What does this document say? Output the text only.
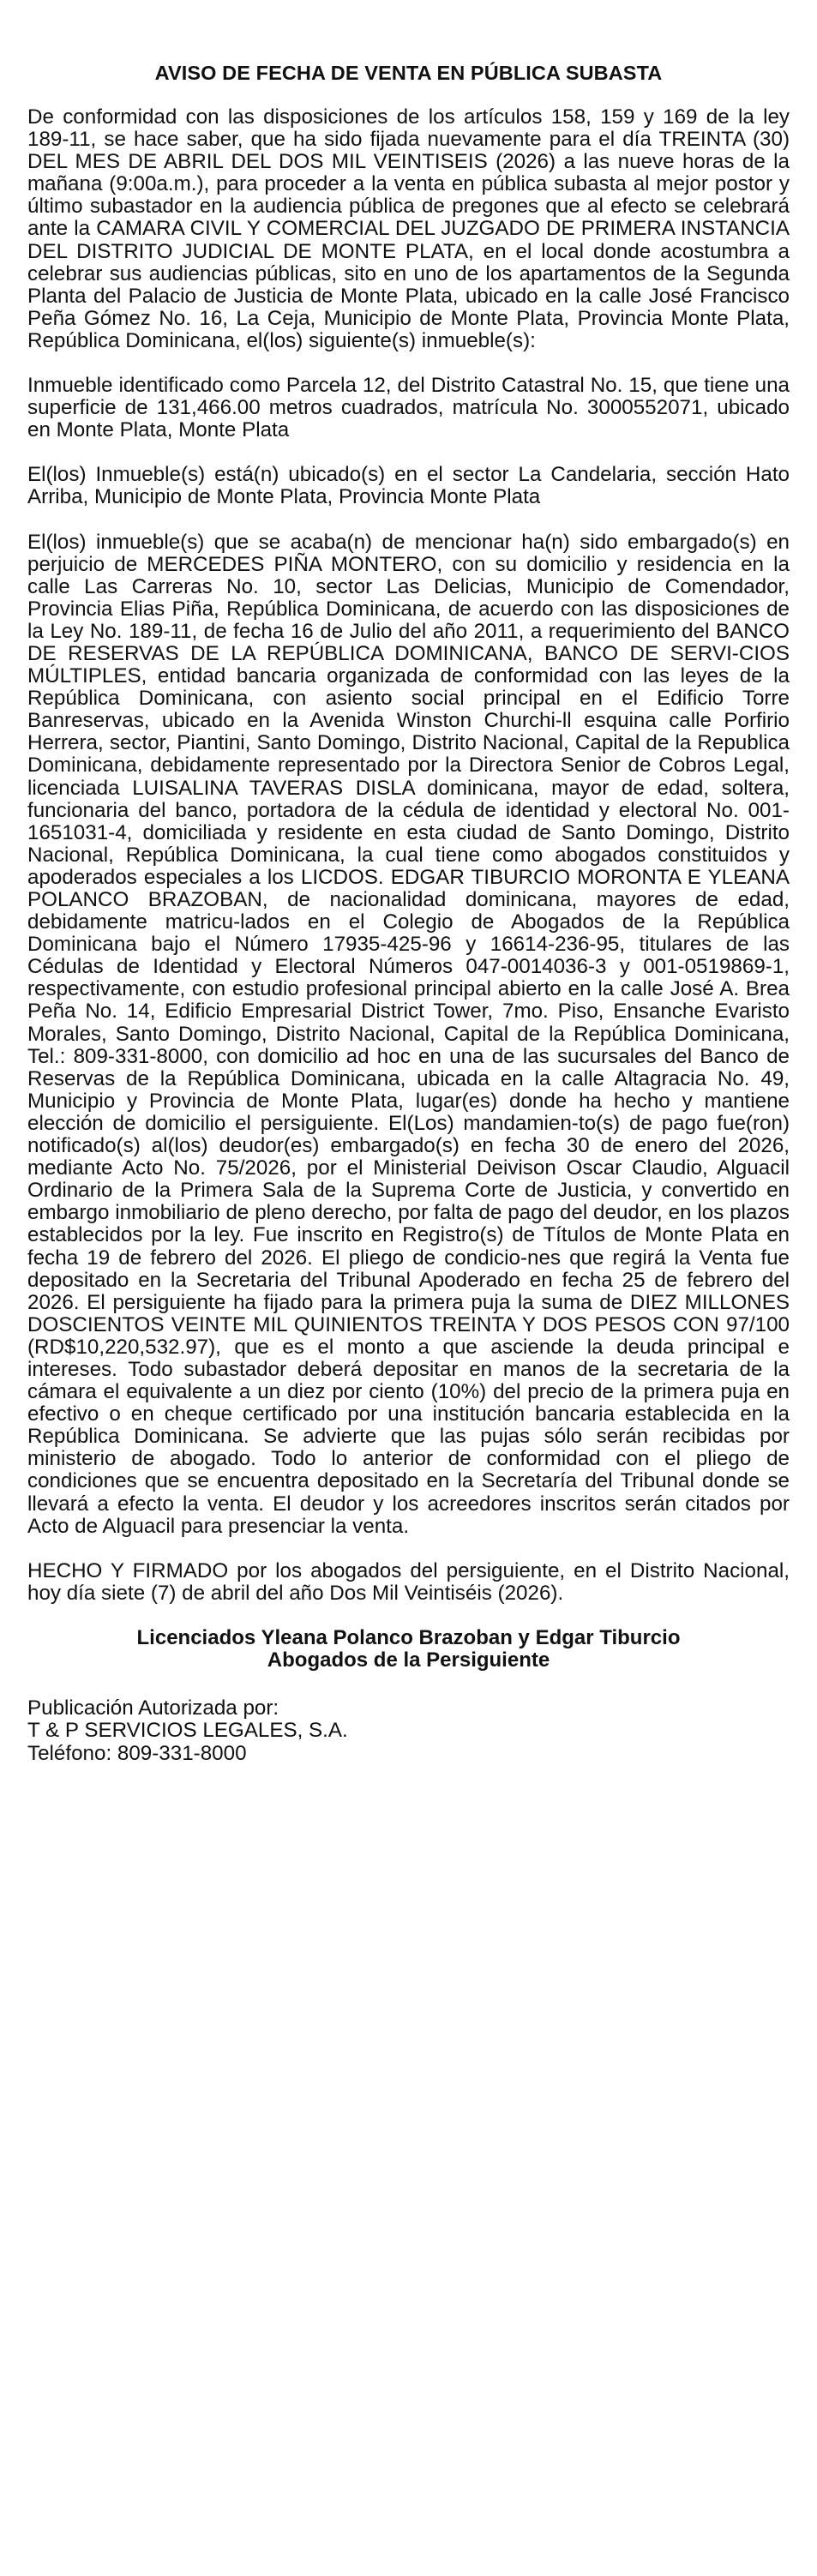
AVISO DE FECHA DE VENTA EN PÚBLICA SUBASTA

De conformidad con las disposiciones de los artículos 158, 159 y 169 de la ley 189-11, se hace saber, que ha sido fijada nuevamente para el día TREINTA (30) DEL MES DE ABRIL DEL DOS MIL VEINTISEIS (2026) a las nueve horas de la mañana (9:00a.m.), para proceder a la venta en pública subasta al mejor postor y último subastador en la audiencia pública de pregones que al efecto se celebrará ante la CAMARA CIVIL Y COMERCIAL DEL JUZGADO DE PRIMERA INSTANCIA DEL DISTRITO JUDICIAL DE MONTE PLATA, en el local donde acostumbra a celebrar sus audiencias públicas, sito en uno de los apartamentos de la Segunda Planta del Palacio de Justicia de Monte Plata, ubicado en la calle José Francisco Peña Gómez No. 16, La Ceja, Municipio de Monte Plata, Provincia Monte Plata, República Dominicana, el(los) siguiente(s) inmueble(s):

Inmueble identificado como Parcela 12, del Distrito Catastral No. 15, que tiene una superficie de 131,466.00 metros cuadrados, matrícula No. 3000552071, ubicado en Monte Plata, Monte Plata

El(los) Inmueble(s) está(n) ubicado(s) en el sector La Candelaria, sección Hato Arriba, Municipio de Monte Plata, Provincia Monte Plata

El(los) inmueble(s) que se acaba(n) de mencionar ha(n) sido embargado(s) en perjuicio de MERCEDES PIÑA MONTERO, con su domicilio y residencia en la calle Las Carreras No. 10, sector Las Delicias, Municipio de Comendador, Provincia Elias Piña, República Dominicana, de acuerdo con las disposiciones de la Ley No. 189-11, de fecha 16 de Julio del año 2011, a requerimiento del BANCO DE RESERVAS DE LA REPÚBLICA DOMINICANA, BANCO DE SERVI-CIOS MÚLTIPLES, entidad bancaria organizada de conformidad con las leyes de la República Dominicana, con asiento social principal en el Edificio Torre Banreservas, ubicado en la Avenida Winston Churchi-ll esquina calle Porfirio Herrera, sector, Piantini, Santo Domingo, Distrito Nacional, Capital de la Republica Dominicana, debidamente representado por la Directora Senior de Cobros Legal, licenciada LUISALINA TAVERAS DISLA dominicana, mayor de edad, soltera, funcionaria del banco, portadora de la cédula de identidad y electoral No. 001-1651031-4, domiciliada y residente en esta ciudad de Santo Domingo, Distrito Nacional, República Dominicana, la cual tiene como abogados constituidos y apoderados especiales a los LICDOS. EDGAR TIBURCIO MORONTA E YLEANA POLANCO BRAZOBAN, de nacionalidad dominicana, mayores de edad, debidamente matricu-lados en el Colegio de Abogados de la República Dominicana bajo el Número 17935-425-96 y 16614-236-95, titulares de las Cédulas de Identidad y Electoral Números 047-0014036-3 y 001-0519869-1, respectivamente, con estudio profesional principal abierto en la calle José A. Brea Peña No. 14, Edificio Empresarial District Tower, 7mo. Piso, Ensanche Evaristo Morales, Santo Domingo, Distrito Nacional, Capital de la República Dominicana, Tel.: 809-331-8000, con domicilio ad hoc en una de las sucursales del Banco de Reservas de la República Dominicana, ubicada en la calle Altagracia No. 49, Municipio y Provincia de Monte Plata, lugar(es) donde ha hecho y mantiene elección de domicilio el persiguiente. El(Los) mandamien-to(s) de pago fue(ron) notificado(s) al(los) deudor(es) embargado(s) en fecha 30 de enero del 2026, mediante Acto No. 75/2026, por el Ministerial Deivison Oscar Claudio, Alguacil Ordinario de la Primera Sala de la Suprema Corte de Justicia, y convertido en embargo inmobiliario de pleno derecho, por falta de pago del deudor, en los plazos establecidos por la ley. Fue inscrito en Registro(s) de Títulos de Monte Plata en fecha 19 de febrero del 2026. El pliego de condicio-nes que regirá la Venta fue depositado en la Secretaria del Tribunal Apoderado en fecha 25 de febrero del 2026. El persiguiente ha fijado para la primera puja la suma de DIEZ MILLONES DOSCIENTOS VEINTE MIL QUINIENTOS TREINTA Y DOS PESOS CON 97/100 (RD$10,220,532.97), que es el monto a que asciende la deuda principal e intereses. Todo subastador deberá depositar en manos de la secretaria de la cámara el equivalente a un diez por ciento (10%) del precio de la primera puja en efectivo o en cheque certificado por una institución bancaria establecida en la República Dominicana. Se advierte que las pujas sólo serán recibidas por ministerio de abogado. Todo lo anterior de conformidad con el pliego de condiciones que se encuentra depositado en la Secretaría del Tribunal donde se llevará a efecto la venta. El deudor y los acreedores inscritos serán citados por Acto de Alguacil para presenciar la venta.

HECHO Y FIRMADO por los abogados del persiguiente, en el Distrito Nacional, hoy día siete (7) de abril del año Dos Mil Veintiséis (2026).

Licenciados Yleana Polanco Brazoban y Edgar Tiburcio
Abogados de la Persiguiente
Publicación Autorizada por:
T & P SERVICIOS LEGALES, S.A.
Teléfono: 809-331-8000
